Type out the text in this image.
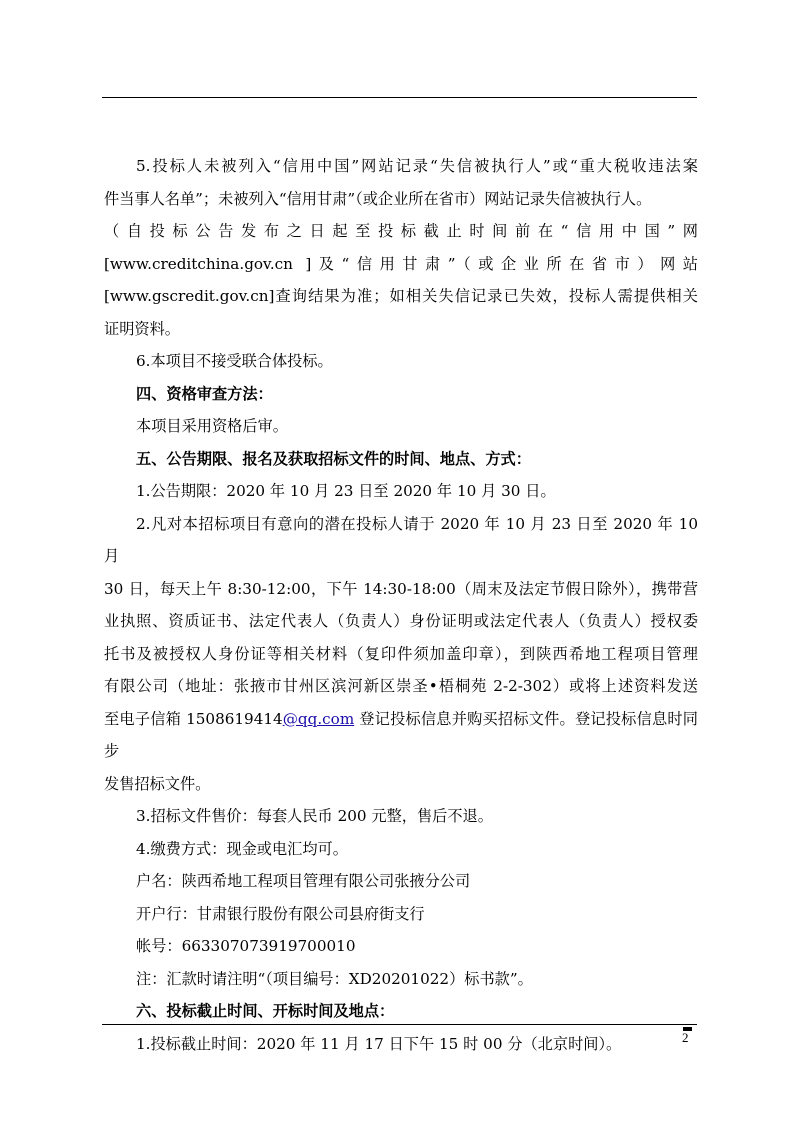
5.投标人未被列入“信用中国”网站记录“失信被执行人”或“重大税收违法案

件当事人名单”；未被列入“信用甘肃”（或企业所在省市）网站记录失信被执行人。

（自投标公告发布之日起至投标截止时间前在“信用中国”网

[www.creditchina.gov.cn ]及“信用甘肃”（或企业所在省市）网站

[www.gscredit.gov.cn]查询结果为准；如相关失信记录已失效，投标人需提供相关

证明资料。

6.本项目不接受联合体投标。

四、资格审查方法：

本项目采用资格后审。

五、公告期限、报名及获取招标文件的时间、地点、方式：

1.公告期限：2020 年 10 月 23 日至 2020 年 10 月 30 日。

2.凡对本招标项目有意向的潜在投标人请于 2020 年 10 月 23 日至 2020 年 10 月

30 日，每天上午 8:30-12:00，下午 14:30-18:00（周末及法定节假日除外），携带营

业执照、资质证书、法定代表人（负责人）身份证明或法定代表人（负责人）授权委

托书及被授权人身份证等相关材料（复印件须加盖印章），到陕西希地工程项目管理

有限公司（地址：张掖市甘州区滨河新区崇圣•梧桐苑 2-2-302）或将上述资料发送

至电子信箱 1508619414@qq.com 登记投标信息并购买招标文件。登记投标信息时同步

发售招标文件。

3.招标文件售价：每套人民币 200 元整，售后不退。

4.缴费方式：现金或电汇均可。

户名：陕西希地工程项目管理有限公司张掖分公司

开户行：甘肃银行股份有限公司县府街支行

帐号：663307073919700010

注：汇款时请注明“（项目编号：XD20201022）标书款”。

六、投标截止时间、开标时间及地点：

1.投标截止时间：2020 年 11 月 17 日下午 15 时 00 分（北京时间）。	2
